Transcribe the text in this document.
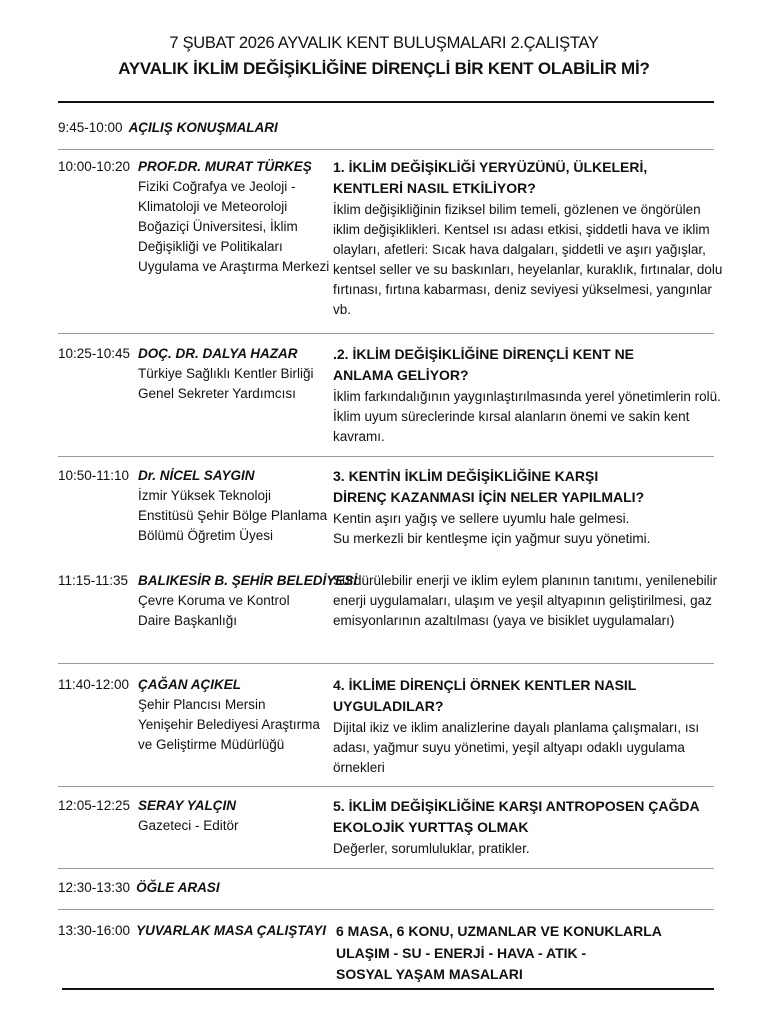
7 ŞUBAT 2026 AYVALIK KENT BULUŞMALARI 2.ÇALIŞTAY
AYVALIK İKLİM DEĞİŞİKLİĞİNE DİRENÇLİ BİR KENT OLABİLİR Mİ?
9:45-10:00 AÇILIŞ KONUŞMALARI
10:00-10:20 PROF.DR. MURAT TÜRKEŞ
Fiziki Coğrafya ve Jeoloji - Klimatoloji ve Meteoroloji Boğaziçi Üniversitesi, İklim Değişikliği ve Politikaları Uygulama ve Araştırma Merkezi
1. İKLİM DEĞİŞİKLİĞİ YERYÜZÜNÜ, ÜLKELERİ, KENTLERİ NASIL ETKİLİYOR?
İklim değişikliğinin fiziksel bilim temeli, gözlenen ve öngörülen iklim değişiklikleri. Kentsel ısı adası etkisi, şiddetli hava ve iklim olayları, afetleri: Sıcak hava dalgaları, şiddetli ve aşırı yağışlar, kentsel seller ve su baskınları, heyelanlar, kuraklık, fırtınalar, dolu fırtınası, fırtına kabarması, deniz seviyesi yükselmesi, yangınlar vb.
10:25-10:45 DOÇ. DR. DALYA HAZAR
Türkiye Sağlıklı Kentler Birliği Genel Sekreter Yardımcısı
.2. İKLİM DEĞİŞİKLİĞİNE DİRENÇLİ KENT NE ANLAMA GELİYOR?
İklim farkındalığının yaygınlaştırılmasında yerel yönetimlerin rolü. İklim uyum süreclerinde kırsal alanların önemi ve sakin kent kavramı.
10:50-11:10 Dr. NİCEL SAYGIN
İzmir Yüksek Teknoloji Enstitüsü Şehir Bölge Planlama Bölümü Öğretim Üyesi
3. KENTİN İKLİM DEĞİŞİKLİĞİNE KARŞI DİRENÇ KAZANMASI İÇİN NELER YAPILMALI?
Kentin aşırı yağış ve sellere uyumlu hale gelmesi.
Su merkezli bir kentleşme için yağmur suyu yönetimi.
11:15-11:35 BALIKESİR B. ŞEHİR BELEDİYESİ
Çevre Koruma ve Kontrol Daire Başkanlığı
Sürdürülebilir enerji ve iklim eylem planının tanıtımı, yenilenebilir enerji uygulamaları, ulaşım ve yeşil altyapının geliştirilmesi, gaz emisyonlarının azaltılması (yaya ve bisiklet uygulamaları)
11:40-12:00 ÇAĞAN AÇIKEL
Şehir Plancısı Mersin Yenişehir Belediyesi Araştırma ve Geliştirme Müdürlüğü
4. İKLİME DİRENÇLİ ÖRNEK KENTLER NASIL UYGULADILAR?
Dijital ikiz ve iklim analizlerine dayalı planlama çalışmaları, ısı adası, yağmur suyu yönetimi, yeşil altyapı odaklı uygulama örnekleri
12:05-12:25 SERAY YALÇIN
Gazeteci - Editör
5. İKLİM DEĞİŞİKLİĞİNE KARŞI ANTROPOSEN ÇAĞDA EKOLOJİK YURTTAŞ OLMAK
Değerler, sorumluluklar, pratikler.
12:30-13:30 ÖĞLE ARASI
13:30-16:00 YUVARLAK MASA ÇALIŞTAYI 6 MASA, 6 KONU, UZMANLAR VE KONUKLARLA
ULAŞIM - SU - ENERJİ - HAVA - ATIK -
SOSYAL YAŞAM MASALARI
